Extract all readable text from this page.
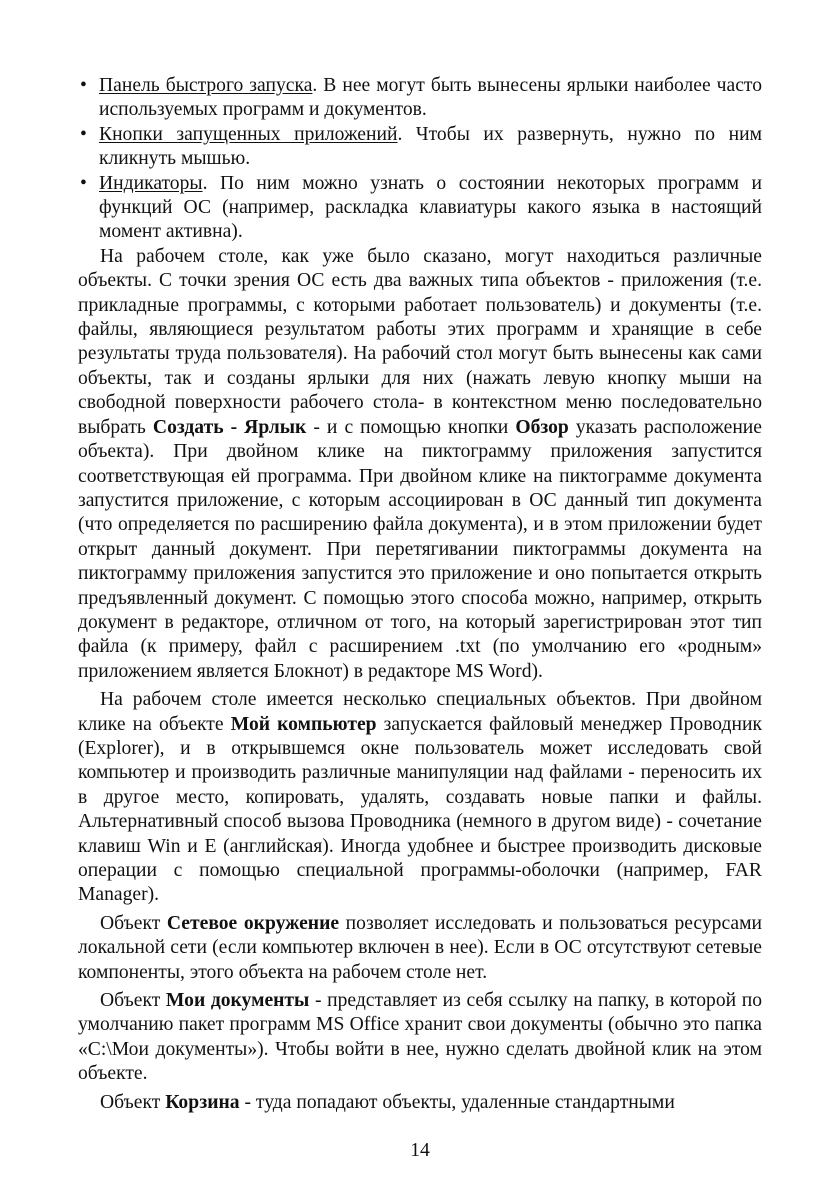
• Панель быстрого запуска. В нее могут быть вынесены ярлыки наиболее часто используемых программ и документов.
• Кнопки запущенных приложений. Чтобы их развернуть, нужно по ним кликнуть мышью.
• Индикаторы. По ним можно узнать о состоянии некоторых программ и функций ОС (например, раскладка клавиатуры какого языка в настоящий момент активна).

На рабочем столе, как уже было сказано, могут находиться различные объекты. С точки зрения ОС есть два важных типа объектов - приложения (т.е. прикладные программы, с которыми работает пользователь) и документы (т.е. файлы, являющиеся результатом работы этих программ и хранящие в себе результаты труда пользователя). На рабочий стол могут быть вынесены как сами объекты, так и созданы ярлыки для них (нажать левую кнопку мыши на свободной поверхности рабочего стола- в контекстном меню последовательно выбрать Создать - Ярлык - и с помощью кнопки Обзор указать расположение объекта). При двойном клике на пиктограмму приложения запустится соответствующая ей программа. При двойном клике на пиктограмме документа запустится приложение, с которым ассоциирован в ОС данный тип документа (что определяется по расширению файла документа), и в этом приложении будет открыт данный документ. При перетягивании пиктограммы документа на пиктограмму приложения запустится это приложение и оно попытается открыть предъявленный документ. С помощью этого способа можно, например, открыть документ в редакторе, отличном от того, на который зарегистрирован этот тип файла (к примеру, файл с расширением .txt (по умолчанию его «родным» приложением является Блокнот) в редакторе MS Word).

На рабочем столе имеется несколько специальных объектов. При двойном клике на объекте Мой компьютер запускается файловый менеджер Проводник (Explorer), и в открывшемся окне пользователь может исследовать свой компьютер и производить различные манипуляции над файлами - переносить их в другое место, копировать, удалять, создавать новые папки и файлы. Альтернативный способ вызова Проводника (немного в другом виде) - сочетание клавиш Win и E (английская). Иногда удобнее и быстрее производить дисковые операции с помощью специальной программы-оболочки (например, FAR Manager).

Объект Сетевое окружение позволяет исследовать и пользоваться ресурсами локальной сети (если компьютер включен в нее). Если в ОС отсутствуют сетевые компоненты, этого объекта на рабочем столе нет.

Объект Мои документы - представляет из себя ссылку на папку, в которой по умолчанию пакет программ MS Office хранит свои документы (обычно это папка «C:\Мои документы»). Чтобы войти в нее, нужно сделать двойной клик на этом объекте.

Объект Корзина - туда попадают объекты, удаленные стандартными

14
